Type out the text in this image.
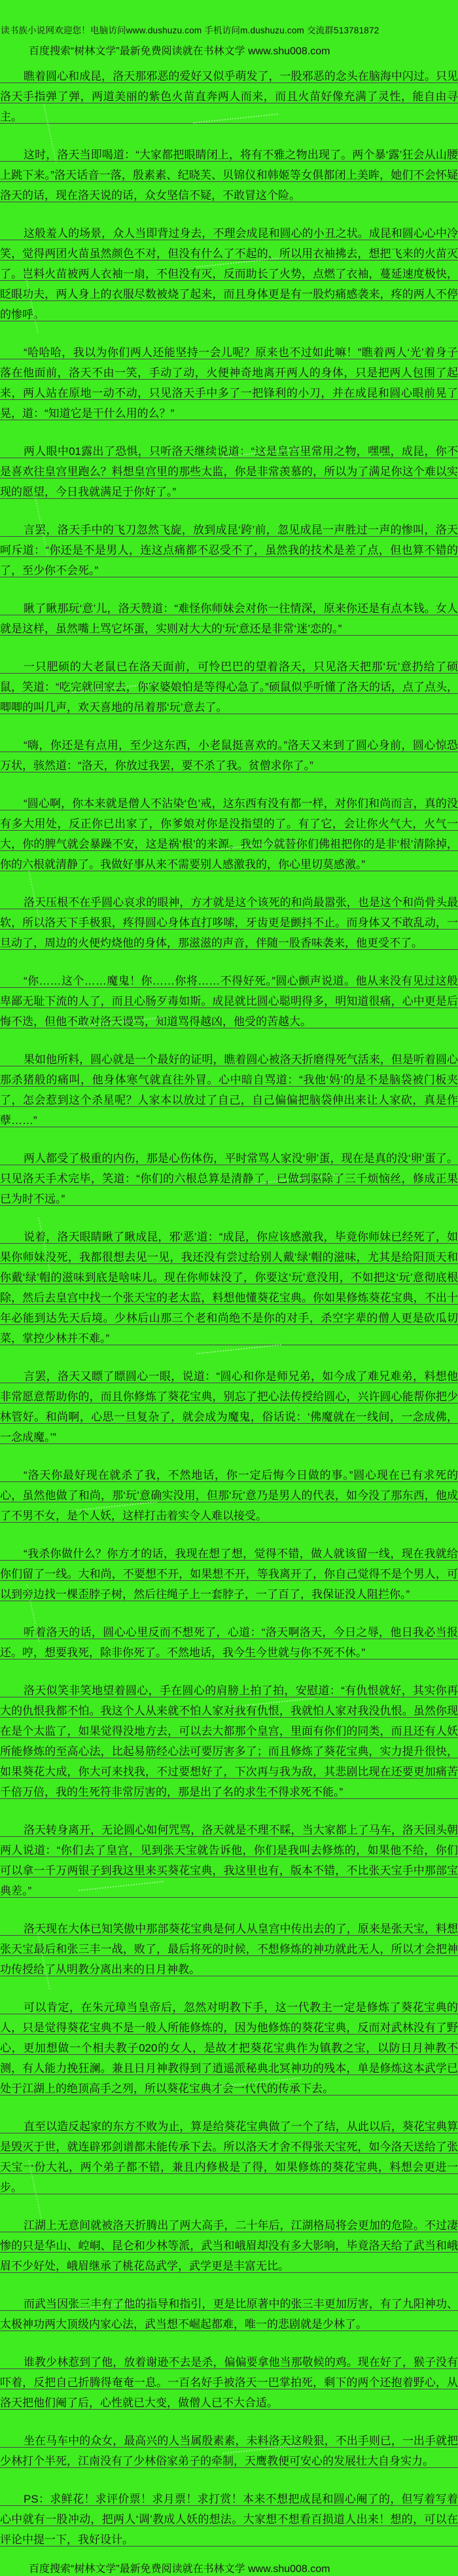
读书族小说网欢迎您！电脑访问www.dushuzu.com 手机访问m.dushuzu.com 交流群513781872
百度搜索“树林文学”最新免费阅读就在书林文学 www.shu008.com

瞧着圆心和成昆，洛天那邪恶的爱好又似乎萌发了，一股邪恶的念头在脑海中闪过。只见洛天手指弹了弹，两道美丽的紫色火苗直奔两人而来，而且火苗好像充满了灵性，能自由寻主。

这时，洛天当即喝道：“大家都把眼睛闭上，将有不雅之物出现了。两个暴‘露’狂会从山腰上跳下来。”洛天话音一落，殷素素、纪晓芙、贝锦仪和韩姬等女俱都闭上美眸，她们不会怀疑洛天的话，现在洛天说的话，众女坚信不疑，不敢冒这个险。

这般羞人的场景，众人当即背过身去，不理会成昆和圆心的小丑之状。成昆和圆心心中冷笑，觉得两团火苗虽然颜色不对，但没有什么了不起的，所以用衣袖拂去，想把飞来的火苗灭了。岂料火苗被两人衣袖一扇，不但没有灭，反而助长了火势，点燃了衣袖，蔓延速度极快，眨眼功夫，两人身上的衣服尽数被烧了起来，而且身体更是有一股灼痛感袭来，疼的两人不停的惨呼。

“哈哈哈，我以为你们两人还能坚持一会儿呢？原来也不过如此嘛！”瞧着两人‘光’着身子落在他面前，洛天不由一笑，手动了动，火便神奇地离开两人的身体，只是把两人包围了起来，两人站在原地一动不动，只见洛天手中多了一把锋利的小刀，并在成昆和圆心眼前晃了晃，道：“知道它是干什么用的么？”

两人眼中01露出了恐惧，只听洛天继续说道：“这是皇宫里常用之物，嘿嘿，成昆，你不是喜欢往皇宫里跑么？料想皇宫里的那些太监，你是非常羡慕的，所以为了满足你这个难以实现的愿望，今日我就满足于你好了。”

言罢，洛天手中的飞刀忽然飞旋，放到成昆‘跨’前，忽见成昆一声胜过一声的惨叫，洛天呵斥道：“你还是不是男人，连这点痛都不忍受不了，虽然我的技术是差了点，但也算不错的了，至少你不会死。”

瞅了瞅那玩‘意’儿，洛天赞道：“难怪你师妹会对你一往情深，原来你还是有点本钱。女人就是这样，虽然嘴上骂它坏蛋，实则对大大的‘玩’意还是非常‘迷’恋的。”

一只肥硕的大老鼠已在洛天面前，可怜巴巴的望着洛天，只见洛天把那‘玩’意扔给了硕鼠，笑道：“吃完就回家去，你家婆娘怕是等得心急了。”硕鼠似乎听懂了洛天的话，点了点头，唧唧的叫几声，欢天喜地的吊着那‘玩’意去了。

“嗨，你还是有点用，至少这东西，小老鼠挺喜欢的。”洛天又来到了圆心身前，圆心惊恐万状，骇然道：“洛天，你放过我罢，要不杀了我。贫僧求你了。”

“圆心啊，你本来就是僧人不沾染‘色’戒，这东西有没有都一样，对你们和尚而言，真的没有多大用处，反正你已出家了，你爹娘对你是没指望的了。有了它，会让你火气大，火气一大，你的脾气就会暴躁不安，这是祸‘根’的来源。我如今就替你们佛祖把你的是非‘根’清除掉，你的六根就清静了。我做好事从来不需要别人感激我的，你心里切莫感激。”

洛天压根不在乎圆心哀求的眼神，方才就是这个该死的和尚最嚣张，也是这个和尚骨头最软，所以洛天下手极狠，疼得圆心身体直打哆嗦，牙齿更是颤抖不止。而身体又不敢乱动，一旦动了，周边的火便灼烧他的身体，那滋滋的声音，伴随一股香味袭来，他更受不了。

“你……这个……魔鬼！你……你将……不得好死。”圆心颤声说道。他从来没有见过这般卑鄙无耻下流的人了，而且心肠歹毒如斯。成昆就比圆心聪明得多，明知道很痛，心中更是后悔不迭，但他不敢对洛天谩骂，知道骂得越凶，他受的苦越大。

果如他所料，圆心就是一个最好的证明，瞧着圆心被洛天折磨得死气活来，但是听着圆心那杀猪般的痛叫，他身体寒气就直往外冒。心中暗自骂道：“我他‘妈’的是不是脑袋被门板夹了，怎会惹到这个杀星呢？人家本以放过了自己，自己偏偏把脑袋伸出来让人家砍，真是作孽……”

两人都受了极重的内伤，那是心伤体伤，平时常骂人家没‘卵’蛋，现在是真的没‘卵’蛋了。只见洛天手术完毕，笑道：“你们的六根总算是清静了，已做到驱除了三千烦恼丝，修成正果已为时不远。”

说着，洛天眼睛瞅了瞅成昆，邪‘恶’道：“成昆，你应该感激我，毕竟你师妹已经死了，如果你师妹没死，我都很想去见一见，我还没有尝过给别人戴‘绿’帽的滋味，尤其是给阳顶天和你戴‘绿’帽的滋味到底是啥味儿。现在你师妹没了，你要这‘玩’意没用，不如把这‘玩’意彻底根除，然后去皇宫中找一个张天宝的老太监，料想他懂葵花宝典。你如果修炼葵花宝典，不出十年必能到达先天后境。少林后山那三个老和尚绝不是你的对手，杀空字辈的僧人更是砍瓜切菜，掌控少林并不难。”

言罢，洛天又瞟了瞟圆心一眼，说道：“圆心和你是师兄弟，如今成了难兄难弟，料想他非常愿意帮助你的，而且你修炼了葵花宝典，别忘了把心法传授给圆心，兴许圆心能帮你把少林管好。和尚啊，心思一旦复杂了，就会成为魔鬼，俗话说：‘佛魔就在一线间，一念成佛，一念成魔。’”

“洛天你最好现在就杀了我，不然地话，你一定后悔今日做的事。”圆心现在已有求死的心，虽然他做了和尚，那‘玩’意确实没用，但那‘玩’意乃是男人的代表，如今没了那东西，他成了不男不女，是个人妖，这样打击着实令人难以接受。

“我杀你做什么？你方才的话，我现在想了想，觉得不错，做人就该留一线，现在我就给你们留了一线。大和尚，不要想不开，如果想不开，等我离开了，你自己觉得不是个男人，可以到旁边找一棵歪脖子树，然后往绳子上一套脖子，一了百了，我保证没人阻拦你。”

听着洛天的话，圆心心里反而不想死了，心道：“洛天啊洛天，今日之辱，他日我必当报还。哼，想要我死，除非你死了。不然地话，我今生今世就与你不死不休。”

洛天似笑非笑地望着圆心，手在圆心的肩膀上拍了拍，安慰道：“有仇恨就好，其实你再大的仇恨我都不怕。我这个人从来就不怕人家对我有仇恨，我就怕人家对我没仇恨。虽然你现在是个太监了，如果觉得没地方去，可以去大都那个皇宫，里面有你们的同类，而且还有人妖所能修炼的至高心法，比起易筋经心法可要厉害多了；而且修炼了葵花宝典，实力提升很快，如果葵花大成，你大可来找我，不过要想好了，下次再与我为敌，其悲剧比现在还要更加痛苦千倍万倍，我的生死符非常厉害的，那是出了名的求生不得求死不能。”

洛天转身离开，无论圆心如何咒骂，洛天就是不理不睬，当大家都上了马车，洛天回头朝两人说道：“你们去了皇宫，见到张天宝就告诉他，你们是我叫去修炼的，如果他不给，你们可以拿一千万两银子到我这里来买葵花宝典，我这里也有，版本不错，不比张天宝手中那部宝典差。”

洛天现在大体已知笑傲中那部葵花宝典是何人从皇宫中传出去的了，原来是张天宝，料想张天宝最后和张三丰一战，败了，最后将死的时候，不想修炼的神功就此无人，所以才会把神功传授给了从明教分离出来的日月神教。

可以肯定，在朱元璋当皇帝后，忽然对明教下手，这一代教主一定是修炼了葵花宝典的人，只是觉得葵花宝典不是一般人所能修炼的，因为他修炼的葵花宝典，反而对武林没有了野心，更加想做一个相夫教子020的女人，是故才把葵花宝典作为镇教之宝，以防日月神教不测，有人能力挽狂澜。兼且日月神教得到了逍遥派秘典北冥神功的残本，单是修炼这本武学已处于江湖上的绝顶高手之列，所以葵花宝典才会一代代的传承下去。

直至以造反起家的东方不败为止，算是给葵花宝典做了一个了结，从此以后，葵花宝典算是毁灭于世，就连辟邪剑谱都未能传承下去。所以洛天才舍不得张天宝死，如今洛天送给了张天宝一份大礼，两个弟子都不错，兼且内修极是了得，如果修炼的葵花宝典，料想会更进一步。

江湖上无意间就被洛天折腾出了两大高手，二十年后，江湖格局将会更加的危险。不过凄惨的只是华山、崆峒、昆仑和少林等派，武当和峨眉却没有多大影响，毕竟洛天给了武当和峨眉不少好处，峨眉继承了桃花岛武学，武学更是丰富无比。

而武当因张三丰有了他的指导和指引，更是比原著中的张三丰更加厉害，有了九阳神功、太极神功两大顶级内家心法，武当想不崛起都难，唯一的悲剧就是少林了。

谁教少林惹到了他，放着谢逊不去是杀，偏偏要拿他当那敬候的鸡。现在好了，猴子没有吓着，反把自己折腾得奄奄一息。一百名好手被洛天一巴掌拍死，剩下的两个还抱着野心，从洛天把他们阉了后，心性就已大变，做僧人已不大合适。

坐在马车中的众女，最高兴的人当属殷素素，未料洛天这般狠，不出手则已，一出手就把少林打个半死，江南没有了少林俗家弟子的牵制，天鹰教便可安心的发展壮大自身实力。

PS：求鲜花！求评价票！求月票！求打赏！本来不想把成昆和圆心阉了的，但写着写着心中就有一股冲动，把两人‘调’教成人妖的想法。大家想不想看百损道人出来！想的，可以在评论中提一下，我好设计。

百度搜索“树林文学”最新免费阅读就在书林文学 www.shu008.com
